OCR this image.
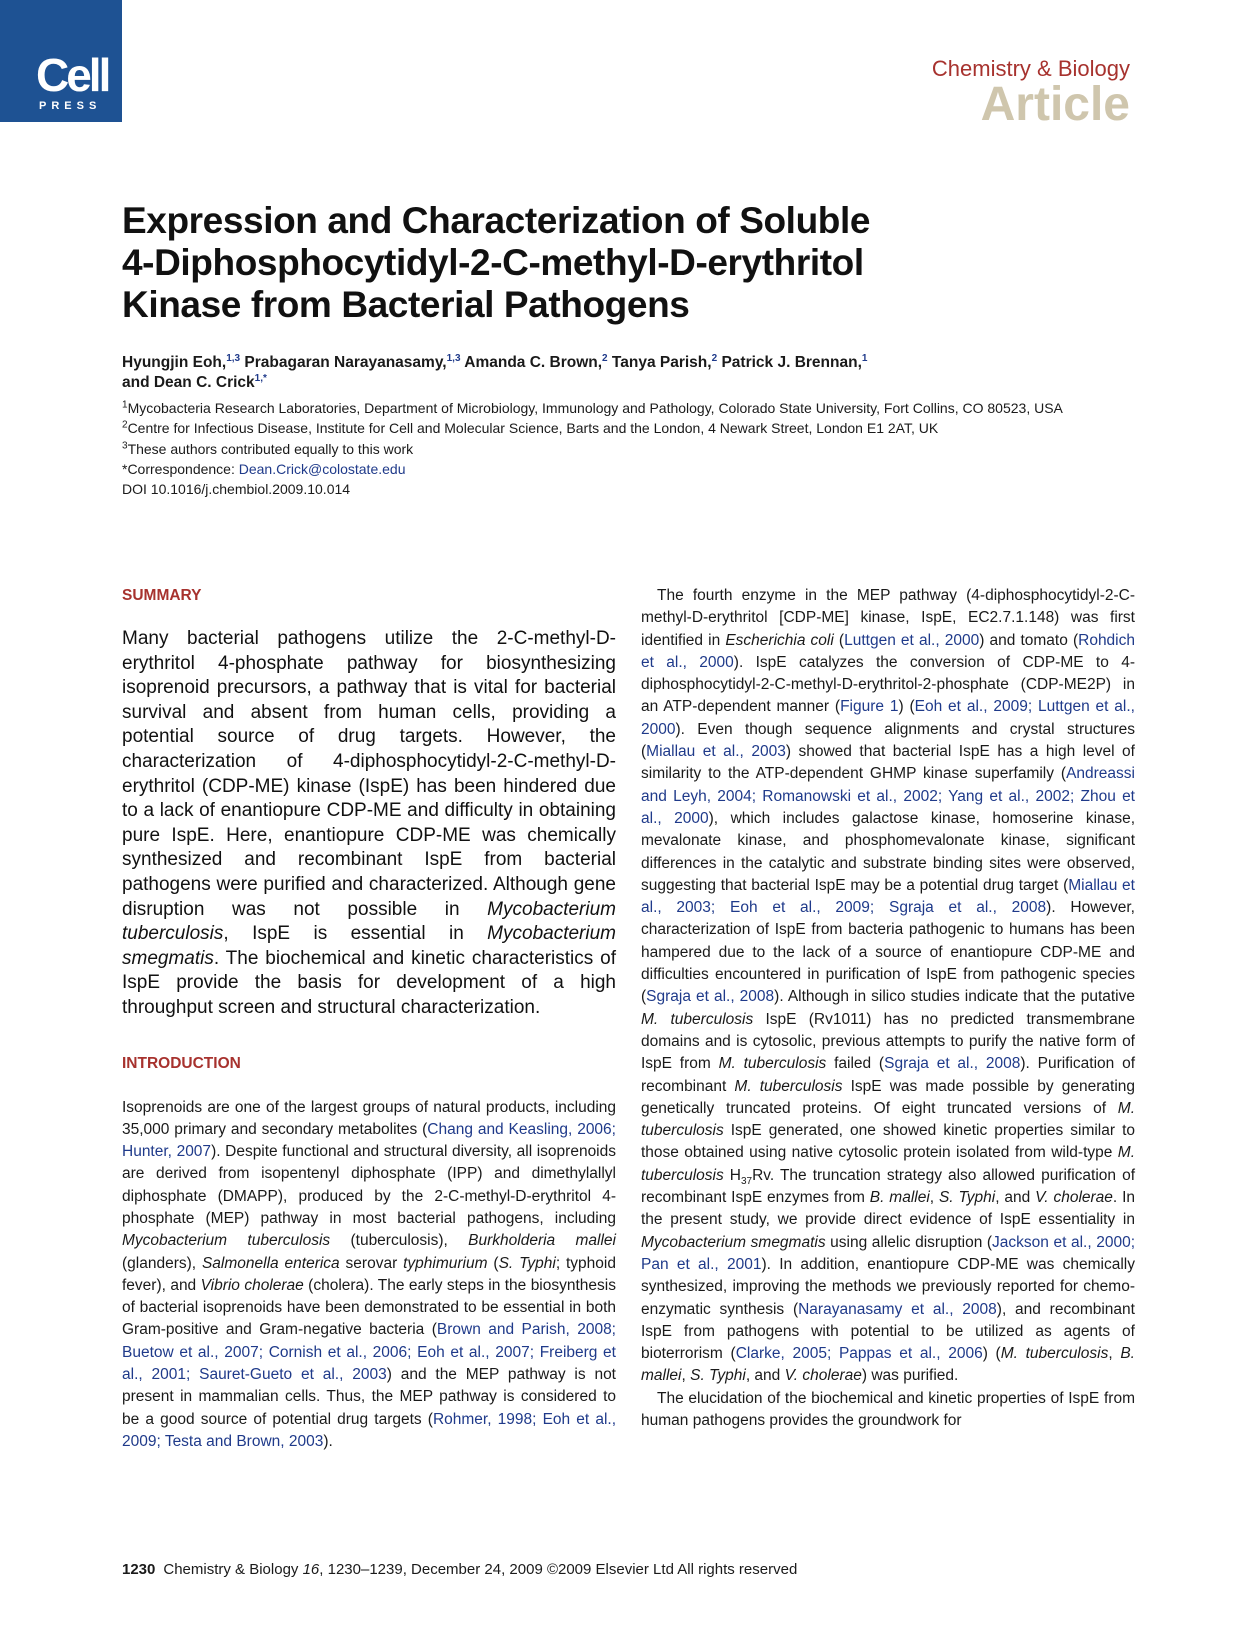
Cell
PRESS
Chemistry & Biology
Article
Expression and Characterization of Soluble
4-Diphosphocytidyl-2-C-methyl-D-erythritol
Kinase from Bacterial Pathogens
Hyungjin Eoh,$^{1,3}$ Prabagaran Narayanasamy,$^{1,3}$ Amanda C. Brown,$^2$ Tanya Parish,$^2$ Patrick J. Brennan,$^1$
and Dean C. Crick$^{1,*}$

$^1$Mycobacteria Research Laboratories, Department of Microbiology, Immunology and Pathology, Colorado State University, Fort Collins, CO 80523, USA

$^2$Centre for Infectious Disease, Institute for Cell and Molecular Science, Barts and the London, 4 Newark Street, London E1 2AT, UK

$^3$These authors contributed equally to this work

*Correspondence: Dean.Crick@colostate.edu

DOI 10.1016/j.chembiol.2009.10.014

SUMMARY

Many bacterial pathogens utilize the 2-C-methyl-D-erythritol 4-phosphate pathway for biosynthesizing isoprenoid precursors, a pathway that is vital for bacterial survival and absent from human cells, providing a potential source of drug targets. However, the characterization of 4-diphosphocytidyl-2-C-methyl-D-erythritol (CDP-ME) kinase (IspE) has been hindered due to a lack of enantiopure CDP-ME and difficulty in obtaining pure IspE. Here, enantiopure CDP-ME was chemically synthesized and recombinant IspE from bacterial pathogens were purified and characterized. Although gene disruption was not possible in Mycobacterium tuberculosis, IspE is essential in Mycobacterium smegmatis. The biochemical and kinetic characteristics of IspE provide the basis for development of a high throughput screen and structural characterization.

INTRODUCTION

Isoprenoids are one of the largest groups of natural products, including 35,000 primary and secondary metabolites (Chang and Keasling, 2006; Hunter, 2007). Despite functional and structural diversity, all isoprenoids are derived from isopentenyl diphosphate (IPP) and dimethylallyl diphosphate (DMAPP), produced by the 2-C-methyl-D-erythritol 4-phosphate (MEP) pathway in most bacterial pathogens, including Mycobacterium tuberculosis (tuberculosis), Burkholderia mallei (glanders), Salmonella enterica serovar typhimurium (S. Typhi; typhoid fever), and Vibrio cholerae (cholera). The early steps in the biosynthesis of bacterial isoprenoids have been demonstrated to be essential in both Gram-positive and Gram-negative bacteria (Brown and Parish, 2008; Buetow et al., 2007; Cornish et al., 2006; Eoh et al., 2007; Freiberg et al., 2001; Sauret-Gueto et al., 2003) and the MEP pathway is not present in mammalian cells. Thus, the MEP pathway is considered to be a good source of potential drug targets (Rohmer, 1998; Eoh et al., 2009; Testa and Brown, 2003).

The fourth enzyme in the MEP pathway (4-diphosphocytidyl-2-C-methyl-D-erythritol [CDP-ME] kinase, IspE, EC2.7.1.148) was first identified in Escherichia coli (Luttgen et al., 2000) and tomato (Rohdich et al., 2000). IspE catalyzes the conversion of CDP-ME to 4-diphosphocytidyl-2-C-methyl-D-erythritol-2-phosphate (CDP-ME2P) in an ATP-dependent manner (Figure 1) (Eoh et al., 2009; Luttgen et al., 2000). Even though sequence alignments and crystal structures (Miallau et al., 2003) showed that bacterial IspE has a high level of similarity to the ATP-dependent GHMP kinase superfamily (Andreassi and Leyh, 2004; Romanowski et al., 2002; Yang et al., 2002; Zhou et al., 2000), which includes galactose kinase, homoserine kinase, mevalonate kinase, and phosphomevalonate kinase, significant differences in the catalytic and substrate binding sites were observed, suggesting that bacterial IspE may be a potential drug target (Miallau et al., 2003; Eoh et al., 2009; Sgraja et al., 2008). However, characterization of IspE from bacteria pathogenic to humans has been hampered due to the lack of a source of enantiopure CDP-ME and difficulties encountered in purification of IspE from pathogenic species (Sgraja et al., 2008). Although in silico studies indicate that the putative M. tuberculosis IspE (Rv1011) has no predicted transmembrane domains and is cytosolic, previous attempts to purify the native form of IspE from M. tuberculosis failed (Sgraja et al., 2008). Purification of recombinant M. tuberculosis IspE was made possible by generating genetically truncated proteins. Of eight truncated versions of M. tuberculosis IspE generated, one showed kinetic properties similar to those obtained using native cytosolic protein isolated from wild-type M. tuberculosis $H_{37}Rv$. The truncation strategy also allowed purification of recombinant IspE enzymes from B. mallei, S. Typhi, and V. cholerae. In the present study, we provide direct evidence of IspE essentiality in Mycobacterium smegmatis using allelic disruption (Jackson et al., 2000; Pan et al., 2001). In addition, enantiopure CDP-ME was chemically synthesized, improving the methods we previously reported for chemo-enzymatic synthesis (Narayanasamy et al., 2008), and recombinant IspE from pathogens with potential to be utilized as agents of bioterrorism (Clarke, 2005; Pappas et al., 2006) (M. tuberculosis, B. mallei, S. Typhi, and V. cholerae) was purified.

The elucidation of the biochemical and kinetic properties of IspE from human pathogens provides the groundwork for

1230 Chemistry & Biology 16, 1230–1239, December 24, 2009 ©2009 Elsevier Ltd All rights reserved
